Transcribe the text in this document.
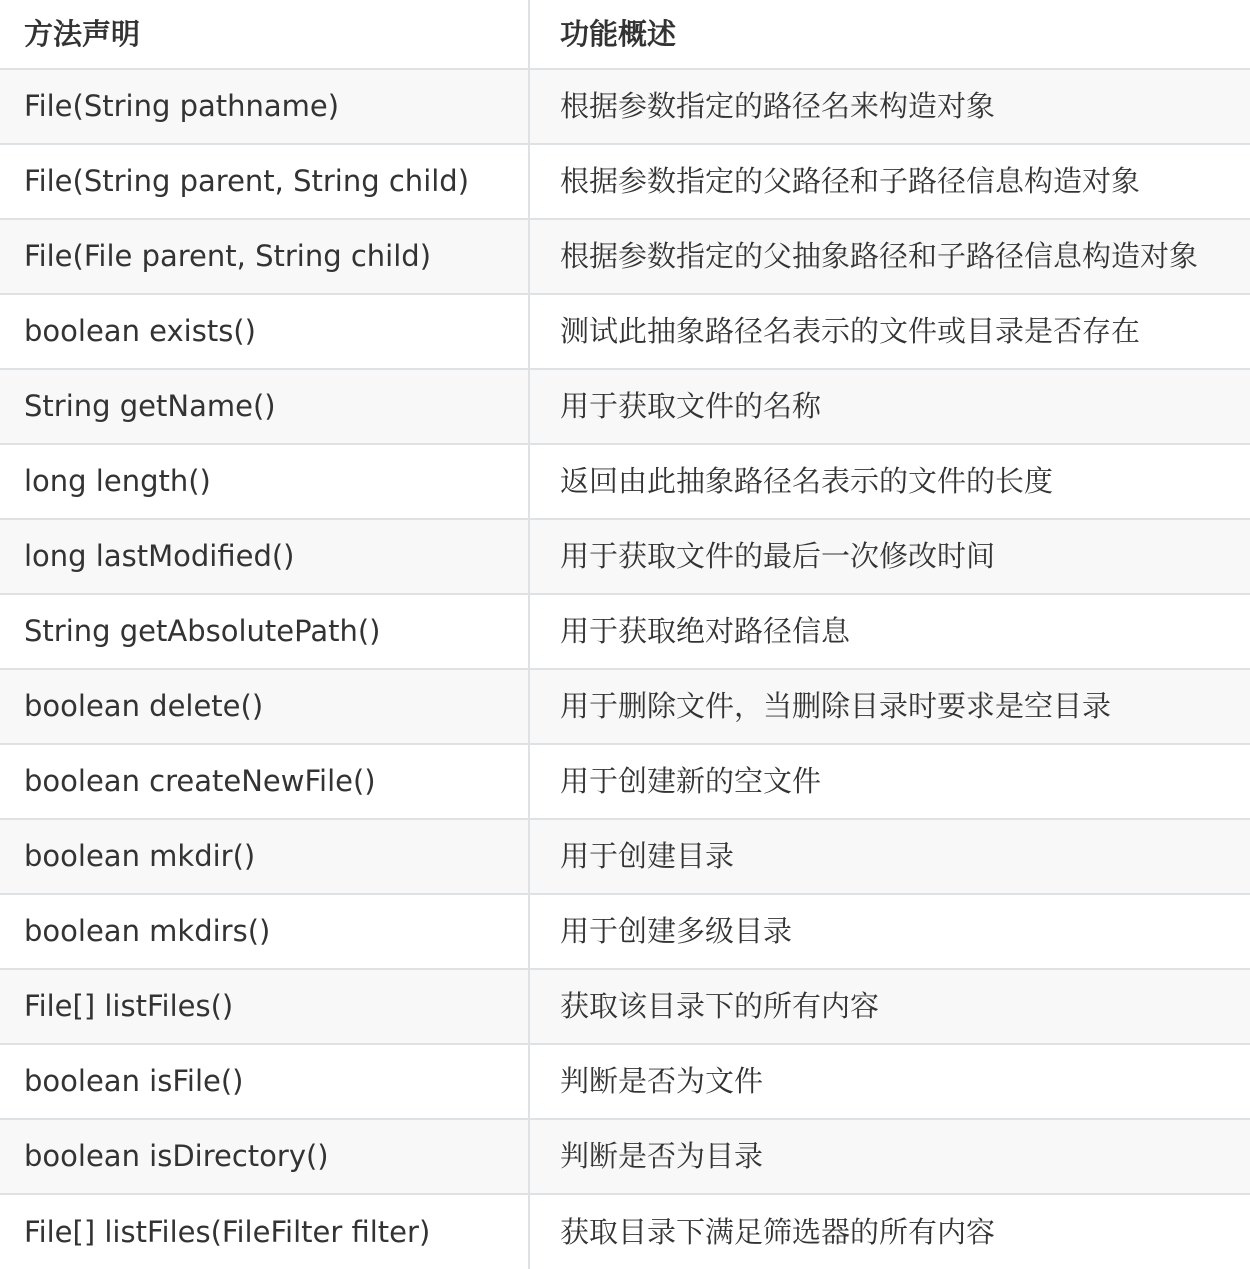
方法声明	功能概述
File(String pathname)	根据参数指定的路径名来构造对象
File(String parent, String child)	根据参数指定的父路径和子路径信息构造对象
File(File parent, String child)	根据参数指定的父抽象路径和子路径信息构造对象
boolean exists()	测试此抽象路径名表示的文件或目录是否存在
String getName()	用于获取文件的名称
long length()	返回由此抽象路径名表示的文件的长度
long lastModified()	用于获取文件的最后一次修改时间
String getAbsolutePath()	用于获取绝对路径信息
boolean delete()	用于删除文件，当删除目录时要求是空目录
boolean createNewFile()	用于创建新的空文件
boolean mkdir()	用于创建目录
boolean mkdirs()	用于创建多级目录
File[] listFiles()	获取该目录下的所有内容
boolean isFile()	判断是否为文件
boolean isDirectory()	判断是否为目录
File[] listFiles(FileFilter filter)	获取目录下满足筛选器的所有内容
